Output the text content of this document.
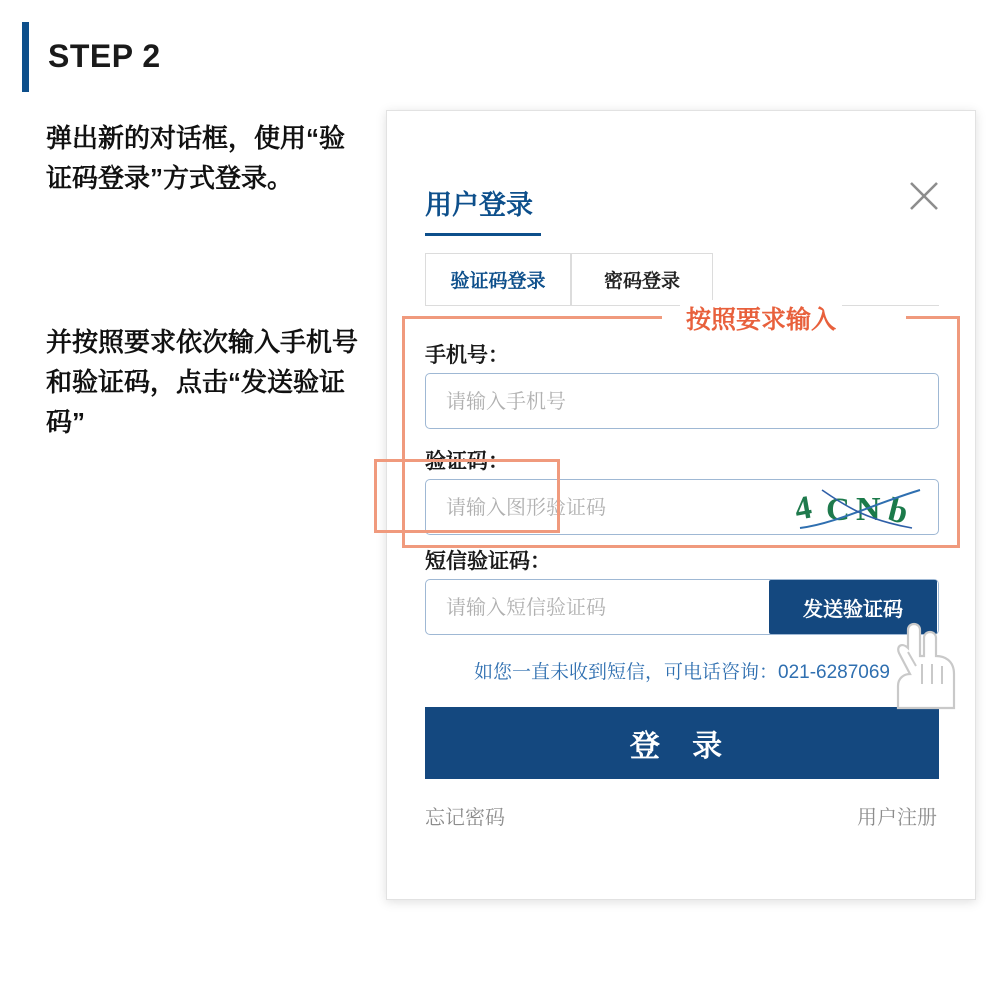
STEP 2
弹出新的对话框，使用“验证码登录”方式登录。
并按照要求依次输入手机号和验证码，点击“发送验证码”
用户登录
验证码登录	密码登录
手机号：
请输入手机号
验证码：
请输入图形验证码	4 C N b
短信验证码：
请输入短信验证码	发送验证码
如您一直未收到短信，可电话咨询：021-6287069
登 录
忘记密码	用户注册
按照要求输入
